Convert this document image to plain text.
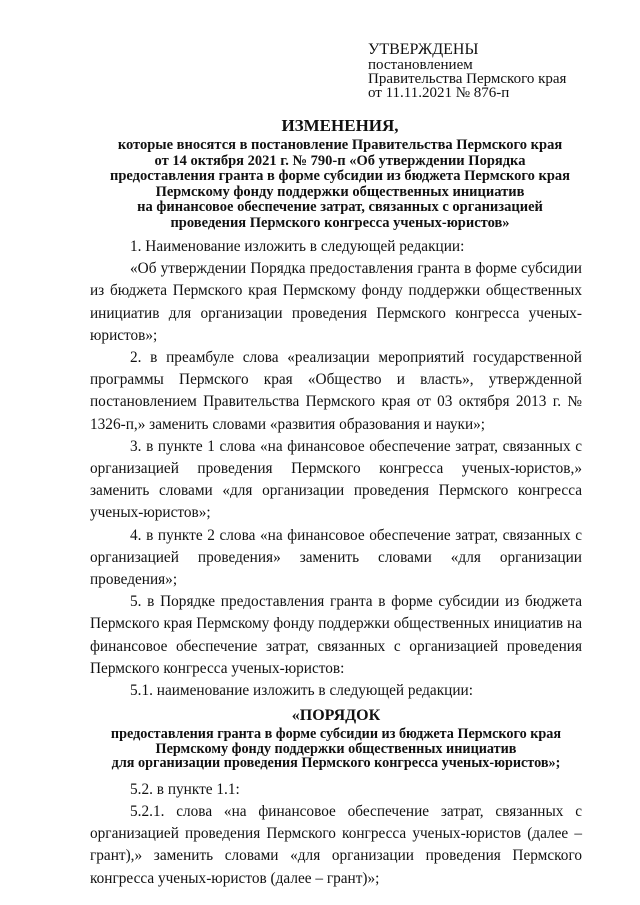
УТВЕРЖДЕНЫ
постановлением
Правительства Пермского края
от 11.11.2021 № 876-п
ИЗМЕНЕНИЯ,
которые вносятся в постановление Правительства Пермского края
от 14 октября 2021 г. № 790-п «Об утверждении Порядка
предоставления гранта в форме субсидии из бюджета Пермского края
Пермскому фонду поддержки общественных инициатив
на финансовое обеспечение затрат, связанных с организацией
проведения Пермского конгресса ученых-юристов»

1. Наименование изложить в следующей редакции:

«Об утверждении Порядка предоставления гранта в форме субсидии из бюджета Пермского края Пермскому фонду поддержки общественных инициатив для организации проведения Пермского конгресса ученых-юристов»;

2. в преамбуле слова «реализации мероприятий государственной программы Пермского края «Общество и власть», утвержденной постановлением Правительства Пермского края от 03 октября 2013 г. № 1326-п,» заменить словами «развития образования и науки»;

3. в пункте 1 слова «на финансовое обеспечение затрат, связанных с организацией проведения Пермского конгресса ученых-юристов,» заменить словами «для организации проведения Пермского конгресса ученых-юристов»;

4. в пункте 2 слова «на финансовое обеспечение затрат, связанных с организацией проведения» заменить словами «для организации проведения»;

5. в Порядке предоставления гранта в форме субсидии из бюджета Пермского края Пермскому фонду поддержки общественных инициатив на финансовое обеспечение затрат, связанных с организацией проведения Пермского конгресса ученых-юристов:

5.1. наименование изложить в следующей редакции:

«ПОРЯДОК
предоставления гранта в форме субсидии из бюджета Пермского края
Пермскому фонду поддержки общественных инициатив
для организации проведения Пермского конгресса ученых-юристов»;

5.2. в пункте 1.1:

5.2.1. слова «на финансовое обеспечение затрат, связанных с организацией проведения Пермского конгресса ученых-юристов (далее – грант),» заменить словами «для организации проведения Пермского конгресса ученых-юристов (далее – грант)»;
